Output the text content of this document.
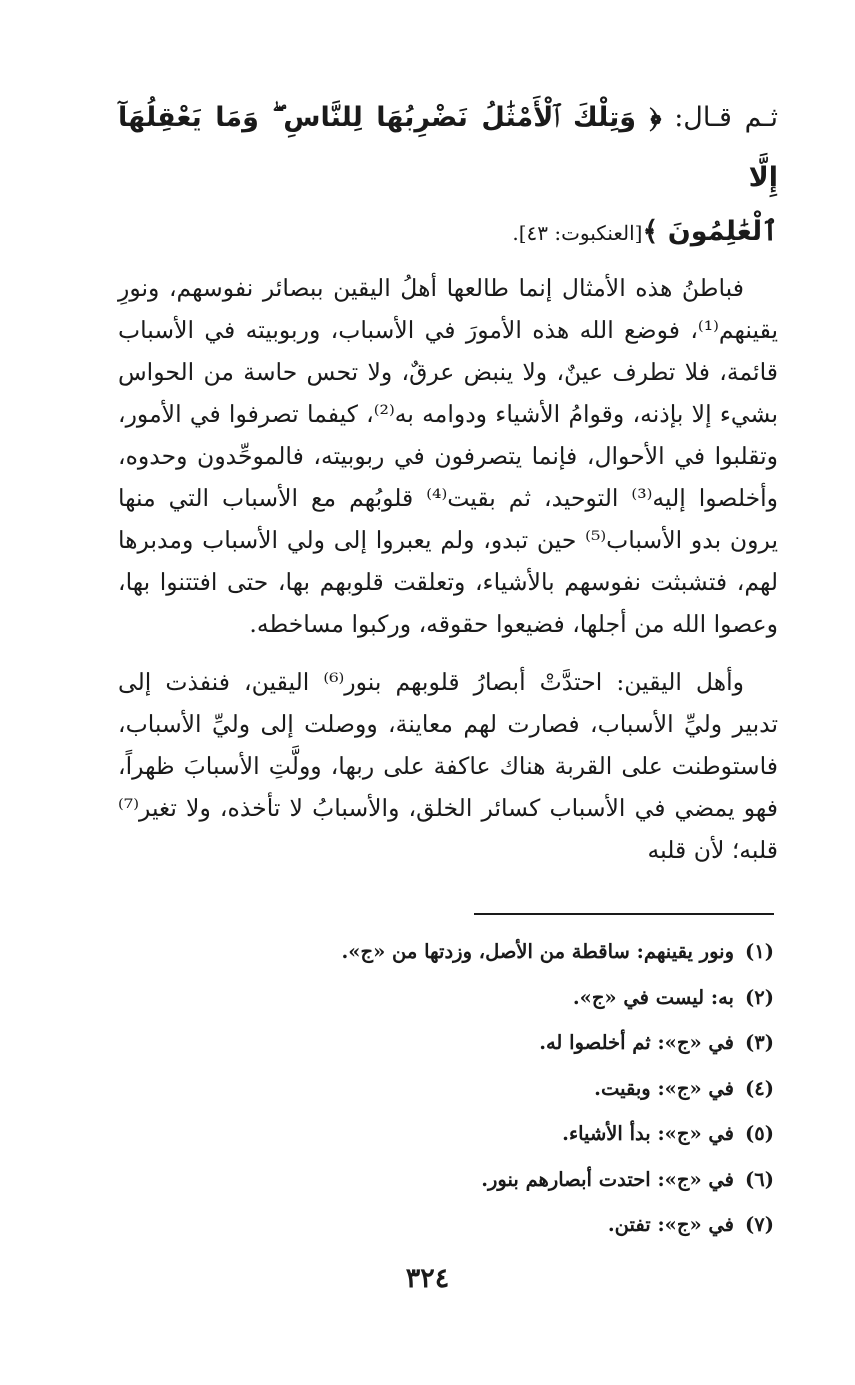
ثـم قـال: ﴿ وَتِلْكَ ٱلْأَمْثَٰلُ نَضْرِبُهَا لِلنَّاسِ ۖ وَمَا يَعْقِلُهَآ إِلَّا

ٱلْعَٰلِمُونَ ﴾[العنكبوت: ٤٣].

فباطنُ هذه الأمثال إنما طالعها أهلُ اليقين ببصائر نفوسهم، ونورِ يقينهم⁽¹⁾، فوضع الله هذه الأمورَ في الأسباب، وربوبيته في الأسباب قائمة، فلا تطرف عينٌ، ولا ينبض عرقٌ، ولا تحس حاسة من الحواس بشيء إلا بإذنه، وقوامُ الأشياء ودوامه به⁽²⁾، كيفما تصرفوا في الأمور، وتقلبوا في الأحوال، فإنما يتصرفون في ربوبيته، فالموحِّدون وحدوه، وأخلصوا إليه⁽³⁾ التوحيد، ثم بقيت⁽⁴⁾ قلوبُهم مع الأسباب التي منها يرون بدو الأسباب⁽⁵⁾ حين تبدو، ولم يعبروا إلى ولي الأسباب ومدبرها لهم، فتشبثت نفوسهم بالأشياء، وتعلقت قلوبهم بها، حتى افتتنوا بها، وعصوا الله من أجلها، فضيعوا حقوقه، وركبوا مساخطه.

وأهل اليقين: احتدَّتْ أبصارُ قلوبهم بنور⁽⁶⁾ اليقين، فنفذت إلى تدبير وليِّ الأسباب، فصارت لهم معاينة، ووصلت إلى وليِّ الأسباب، فاستوطنت على القربة هناك عاكفة على ربها، وولَّتِ الأسبابَ ظهراً، فهو يمضي في الأسباب كسائر الخلق، والأسبابُ لا تأخذه، ولا تغير⁽⁷⁾ قلبه؛ لأن قلبه

(١)ونور يقينهم: ساقطة من الأصل، وزدتها من «ج».
(٢)به: ليست في «ج».
(٣)في «ج»: ثم أخلصوا له.
(٤)في «ج»: وبقيت.
(٥)في «ج»: بدأ الأشياء.
(٦)في «ج»: احتدت أبصارهم بنور.
(٧)في «ج»: تفتن.
٣٢٤
